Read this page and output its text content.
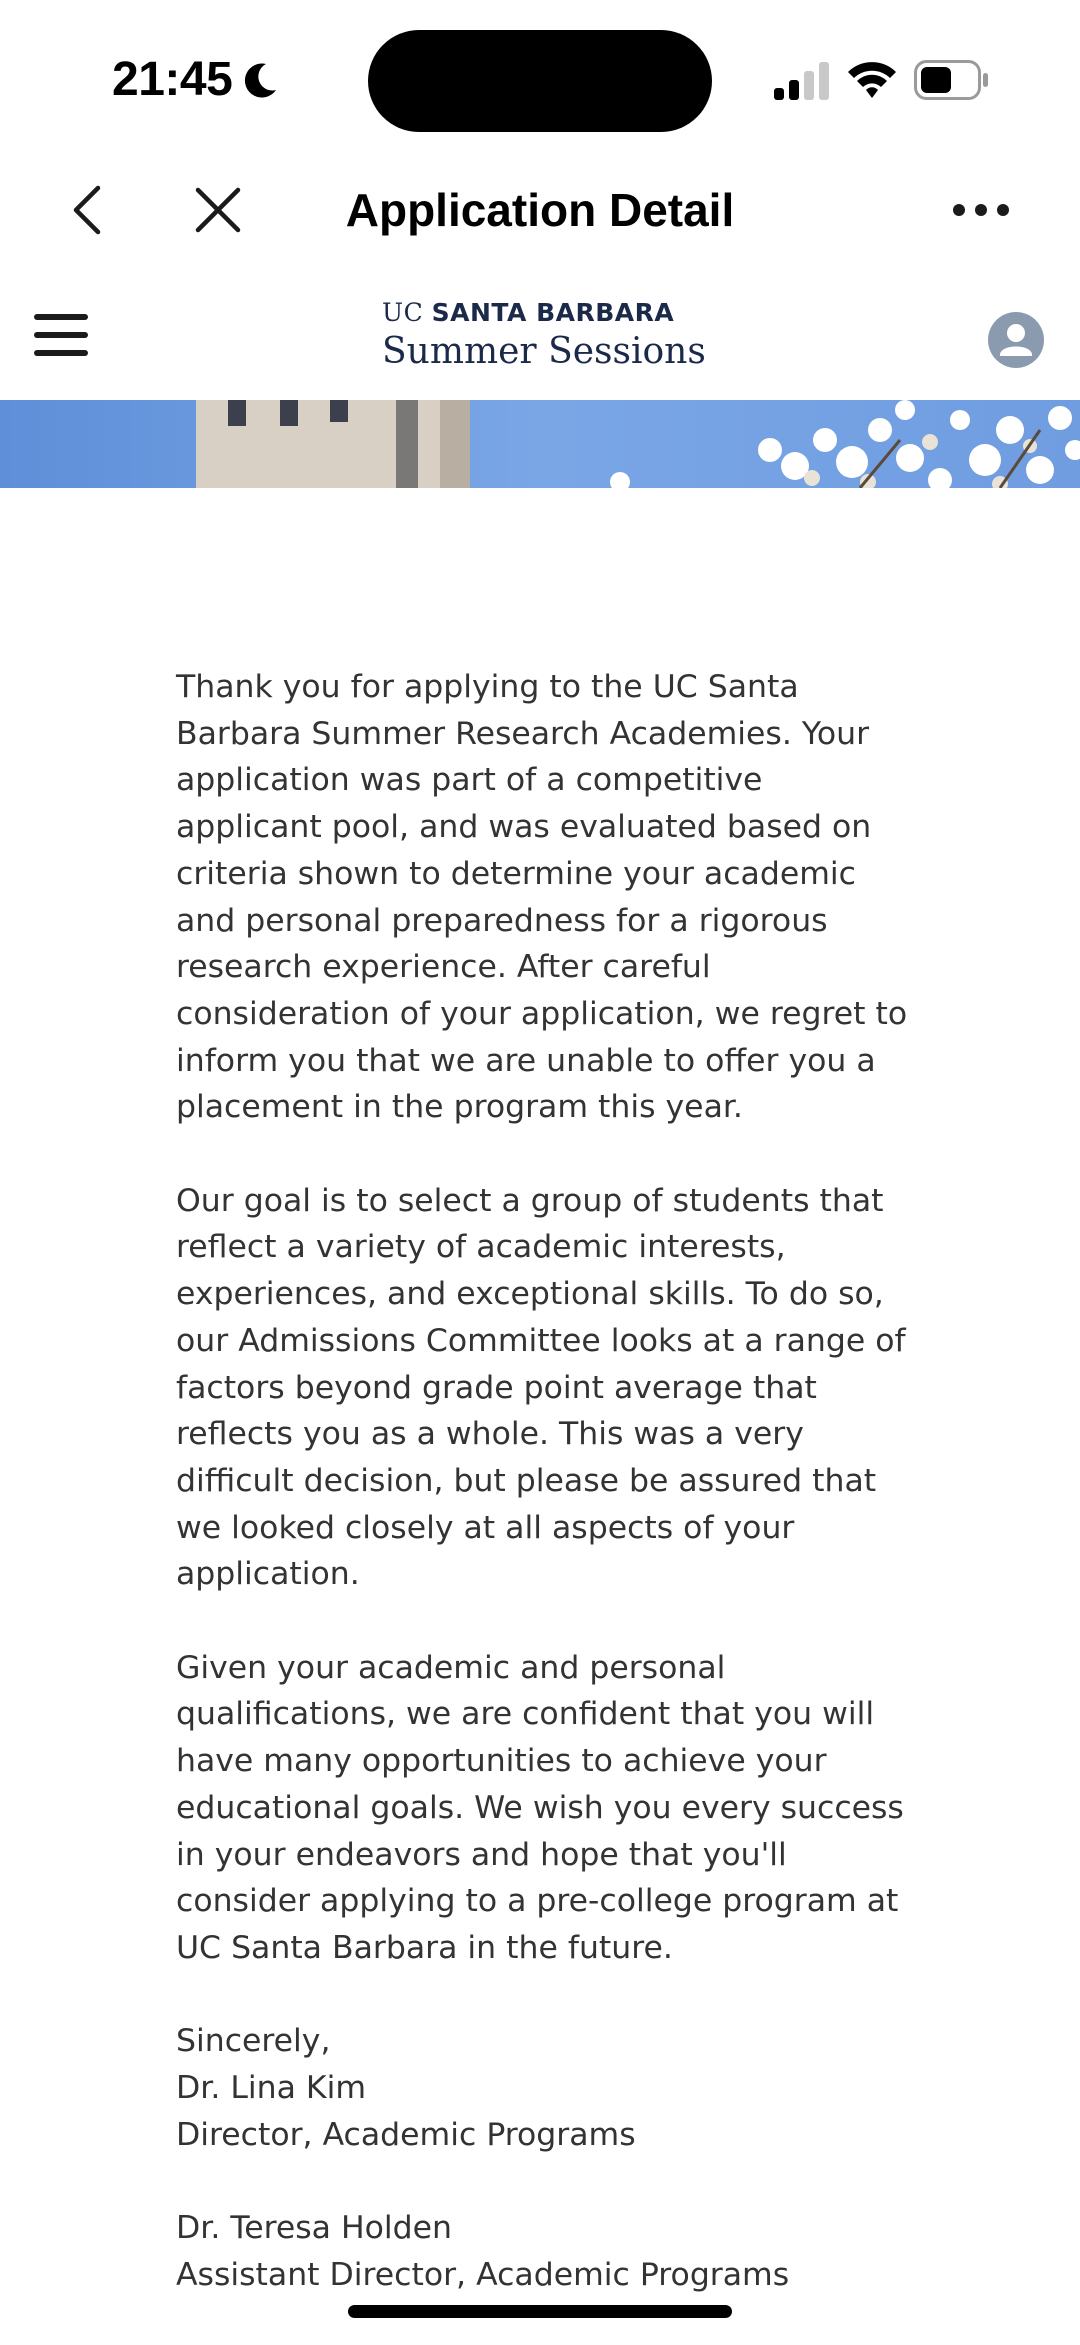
21:45
Application Detail
UC SANTA BARBARA
Summer Sessions

Thank you for applying to the UC Santa Barbara Summer Research Academies. Your application was part of a competitive applicant pool, and was evaluated based on criteria shown to determine your academic and personal preparedness for a rigorous research experience. After careful consideration of your application, we regret to inform you that we are unable to offer you a placement in the program this year.

Our goal is to select a group of students that reflect a variety of academic interests, experiences, and exceptional skills. To do so, our Admissions Committee looks at a range of factors beyond grade point average that reflects you as a whole. This was a very difficult decision, but please be assured that we looked closely at all aspects of your application.

Given your academic and personal qualifications, we are confident that you will have many opportunities to achieve your educational goals. We wish you every success in your endeavors and hope that you'll consider applying to a pre-college program at UC Santa Barbara in the future.

Sincerely,
Dr. Lina Kim
Director, Academic Programs

Dr. Teresa Holden
Assistant Director, Academic Programs
